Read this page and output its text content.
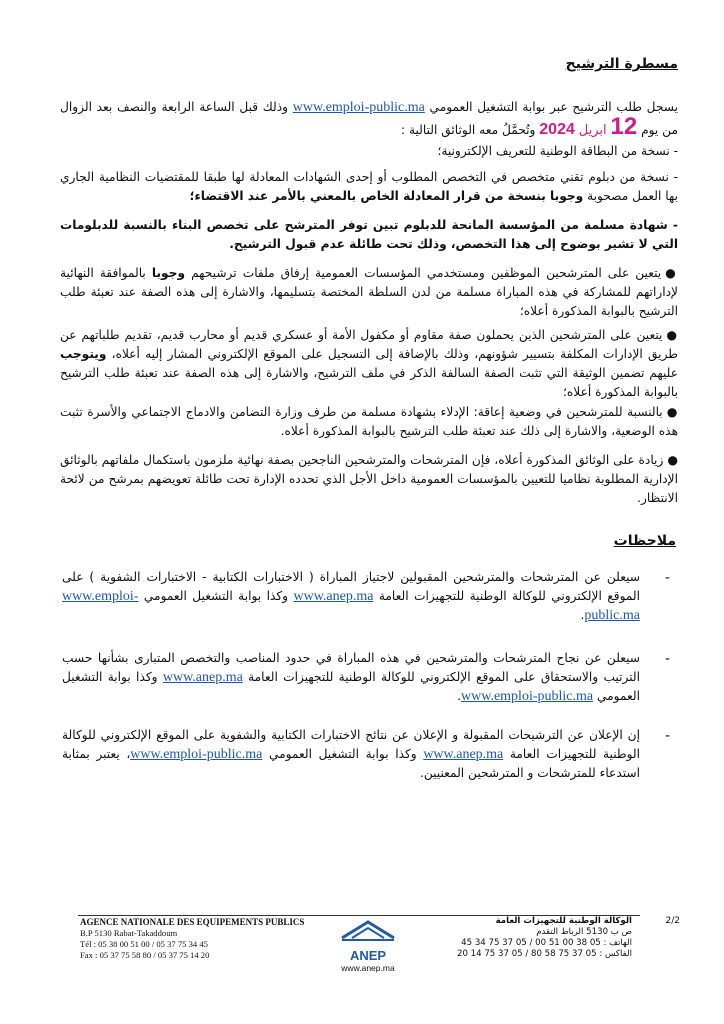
مسطرة الترشيح
يسجل طلب الترشيح عبر بوابة التشغيل العمومي www.emploi-public.ma وذلك قبل الساعة الرابعة والنصف بعد الزوال من يوم 12 ابريل 2024 وتُحمَّلُ معه الوثائق التالية :
- نسخة من البطاقة الوطنية للتعريف الإلكترونية؛
- نسخة من دبلوم تقني متخصص في التخصص المطلوب أو إحدى الشهادات المعادلة لها طبقا للمقتضيات النظامية الجاري بها العمل مصحوبة وجوبا بنسخة من قرار المعادلة الخاص بالمعني بالأمر عند الاقتضاء؛
- شهادة مسلمة من المؤسسة المانحة للدبلوم تبين توفر المترشح على تخصص البناء بالنسبة للدبلومات التي لا تشير بوضوح إلى هذا التخصص، وذلك تحت طائلة عدم قبول الترشيح.
●يتعين على المترشحين الموظفين ومستخدمي المؤسسات العمومية إرفاق ملفات ترشيحهم وجوبا بالموافقة النهائية لإداراتهم للمشاركة في هذه المباراة مسلمة من لدن السلطة المختصة بتسليمها، والاشارة إلى هذه الصفة عند تعبئة طلب الترشيح بالبوابة المذكورة أعلاه؛
●يتعين على المترشحين الذين يحملون صفة مقاوم أو مكفول الأمة أو عسكري قديم أو محارب قديم، تقديم طلباتهم عن طريق الإدارات المكلفة بتسيير شؤونهم، وذلك بالإضافة إلى التسجيل على الموقع الإلكتروني المشار إليه أعلاه، ويتوجب عليهم تضمين الوثيقة التي تثبت الصفة السالفة الذكر في ملف الترشيح، والاشارة إلى هذه الصفة عند تعبئة طلب الترشيح بالبوابة المذكورة أعلاه؛
●بالنسبة للمترشحين في وضعية إعاقة: الإدلاء بشهادة مسلمة من طرف وزارة التضامن والادماج الاجتماعي والأسرة تثبت هذه الوضعية، والاشارة إلى ذلك عند تعبئة طلب الترشيح بالبوابة المذكورة أعلاه.
●زيادة على الوثائق المذكورة أعلاه، فإن المترشحات والمترشحين الناجحين بصفة نهائية ملزمون باستكمال ملفاتهم بالوثائق الإدارية المطلوبة نظاميا للتعيين بالمؤسسات العمومية داخل الأجل الذي تحدده الإدارة تحت طائلة تعويضهم بمرشح من لائحة الانتظار.
ملاحظات
-
سيعلن عن المترشحات والمترشحين المقبولين لاجتياز المباراة ( الاختبارات الكتابية - الاختبارات الشفوية ) على الموقع الإلكتروني للوكالة الوطنية للتجهيزات العامة www.anep.ma وكذا بوابة التشغيل العمومي www.emploi-public.ma.
-
سيعلن عن نجاح المترشحات والمترشحين في هذه المباراة في حدود المناصب والتخصص المتبارى بشأنها حسب الترتيب والاستحقاق على الموقع الإلكتروني للوكالة الوطنية للتجهيزات العامة www.anep.ma وكذا بوابة التشغيل العمومي www.emploi-public.ma.
-
إن الإعلان عن الترشيحات المقبولة و الإعلان عن نتائج الاختبارات الكتابية والشفوية على الموقع الإلكتروني للوكالة الوطنية للتجهيزات العامة www.anep.ma وكذا بوابة التشغيل العمومي www.emploi-public.ma، يعتبر بمثابة استدعاء للمترشحات و المترشحين المعنيين.
AGENCE NATIONALE DES EQUIPEMENTS PUBLICS
B.P 5130 Rabat-Takaddoum
Tél : 05 38 00 51 00 / 05 37 75 34 45
Fax : 05 37 75 58 80 / 05 37 75 14 20	ANEP
www.anep.ma
الوكالة الوطنية للتجهيزات العامة
ص ب 5130 الرباط التقدم
الهاتف : 05 38 00 51 00 / 05 37 75 34 45
الفاكس : 05 37 75 58 80 / 05 37 75 14 20
2/2
